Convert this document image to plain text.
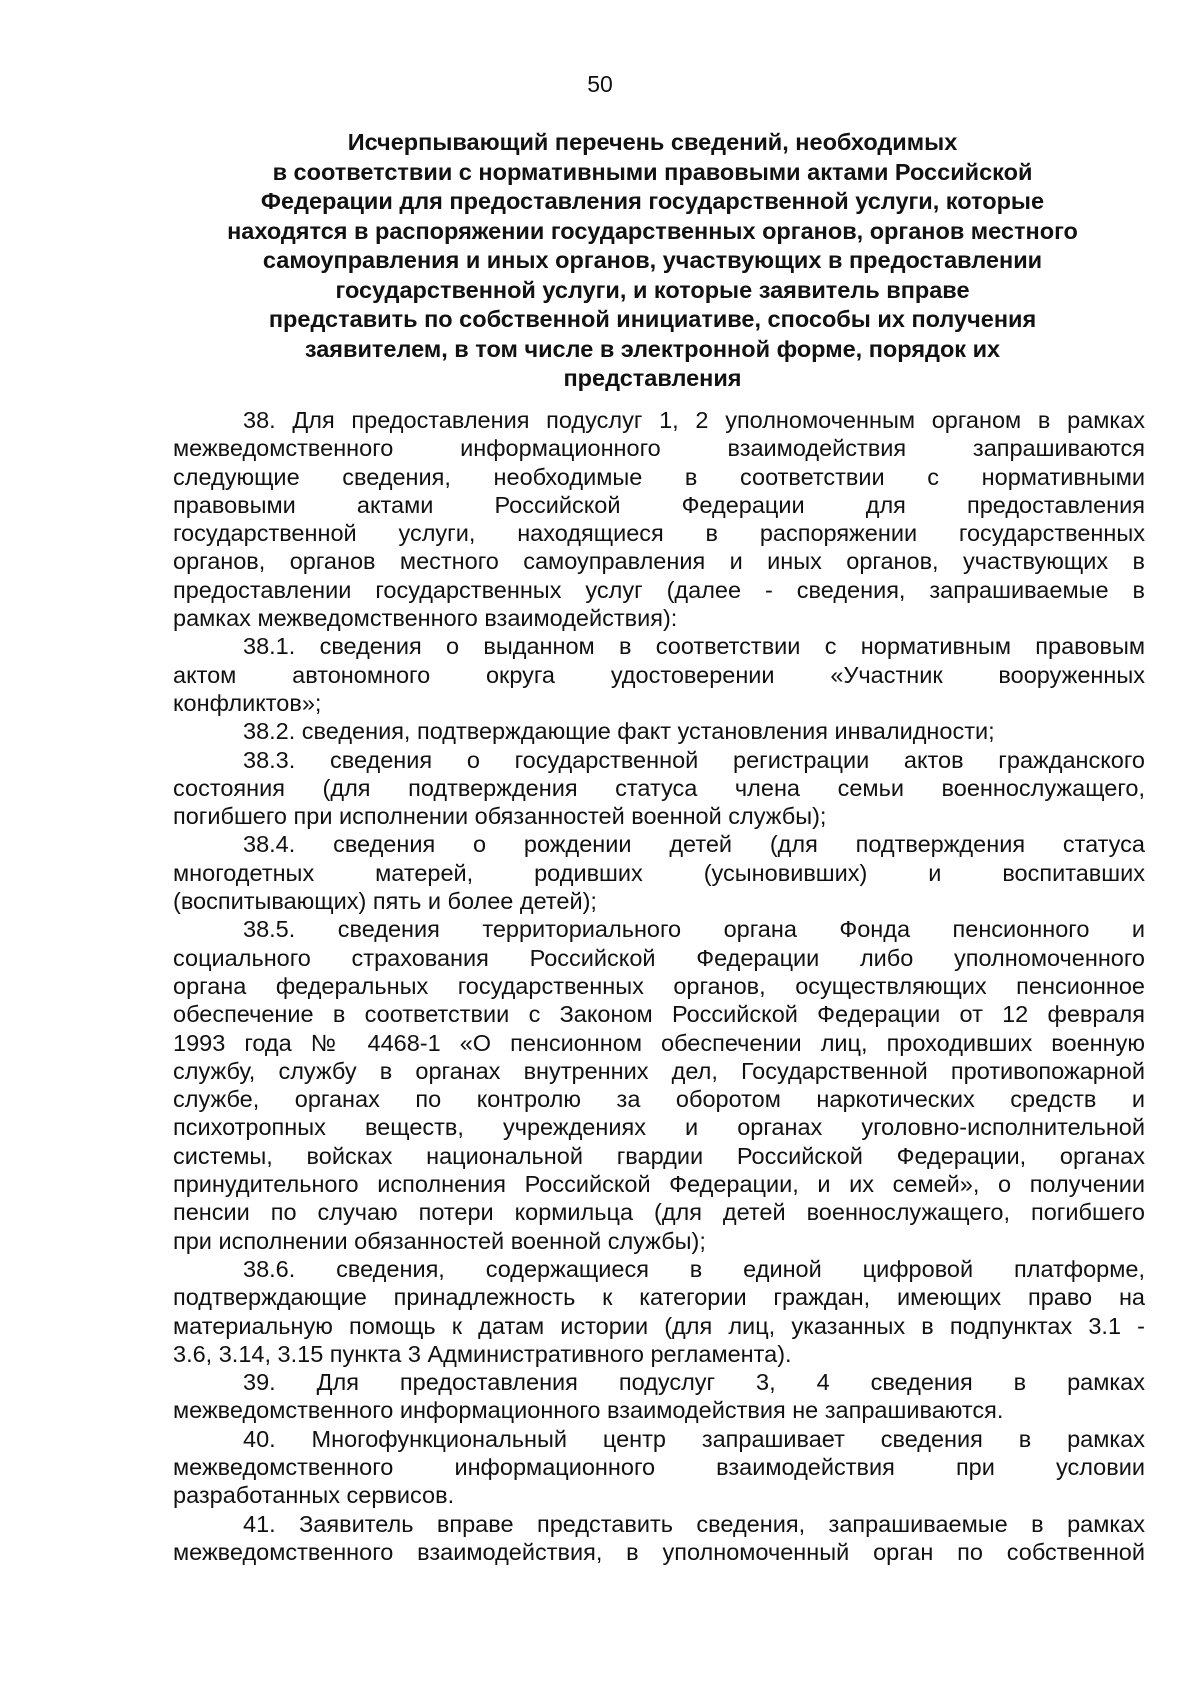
50
Исчерпывающий перечень сведений, необходимых
в соответствии с нормативными правовыми актами Российской
Федерации для предоставления государственной услуги, которые
находятся в распоряжении государственных органов, органов местного
самоуправления и иных органов, участвующих в предоставлении
государственной услуги, и которые заявитель вправе
представить по собственной инициативе, способы их получения
заявителем, в том числе в электронной форме, порядок их
представления
38. Для предоставления подуслуг 1, 2 уполномоченным органом в рамках
межведомственного информационного взаимодействия запрашиваются
следующие сведения, необходимые в соответствии с нормативными
правовыми актами Российской Федерации для предоставления
государственной услуги, находящиеся в распоряжении государственных
органов, органов местного самоуправления и иных органов, участвующих в
предоставлении государственных услуг (далее - сведения, запрашиваемые в
рамках межведомственного взаимодействия):
38.1. сведения о выданном в соответствии с нормативным правовым
актом автономного округа удостоверении «Участник вооруженных
конфликтов»;
38.2. сведения, подтверждающие факт установления инвалидности;
38.3. сведения о государственной регистрации актов гражданского
состояния (для подтверждения статуса члена семьи военнослужащего,
погибшего при исполнении обязанностей военной службы);
38.4. сведения о рождении детей (для подтверждения статуса
многодетных матерей, родивших (усыновивших) и воспитавших
(воспитывающих) пять и более детей);
38.5. сведения территориального органа Фонда пенсионного и
социального страхования Российской Федерации либо уполномоченного
органа федеральных государственных органов, осуществляющих пенсионное
обеспечение в соответствии с Законом Российской Федерации от 12 февраля
1993 года № 4468-1 «О пенсионном обеспечении лиц, проходивших военную
службу, службу в органах внутренних дел, Государственной противопожарной
службе, органах по контролю за оборотом наркотических средств и
психотропных веществ, учреждениях и органах уголовно-исполнительной
системы, войсках национальной гвардии Российской Федерации, органах
принудительного исполнения Российской Федерации, и их семей», о получении
пенсии по случаю потери кормильца (для детей военнослужащего, погибшего
при исполнении обязанностей военной службы);
38.6. сведения, содержащиеся в единой цифровой платформе,
подтверждающие принадлежность к категории граждан, имеющих право на
материальную помощь к датам истории (для лиц, указанных в подпунктах 3.1 -
3.6, 3.14, 3.15 пункта 3 Административного регламента).
39. Для предоставления подуслуг 3, 4 сведения в рамках
межведомственного информационного взаимодействия не запрашиваются.
40. Многофункциональный центр запрашивает сведения в рамках
межведомственного информационного взаимодействия при условии
разработанных сервисов.
41. Заявитель вправе представить сведения, запрашиваемые в рамках
межведомственного взаимодействия, в уполномоченный орган по собственной
